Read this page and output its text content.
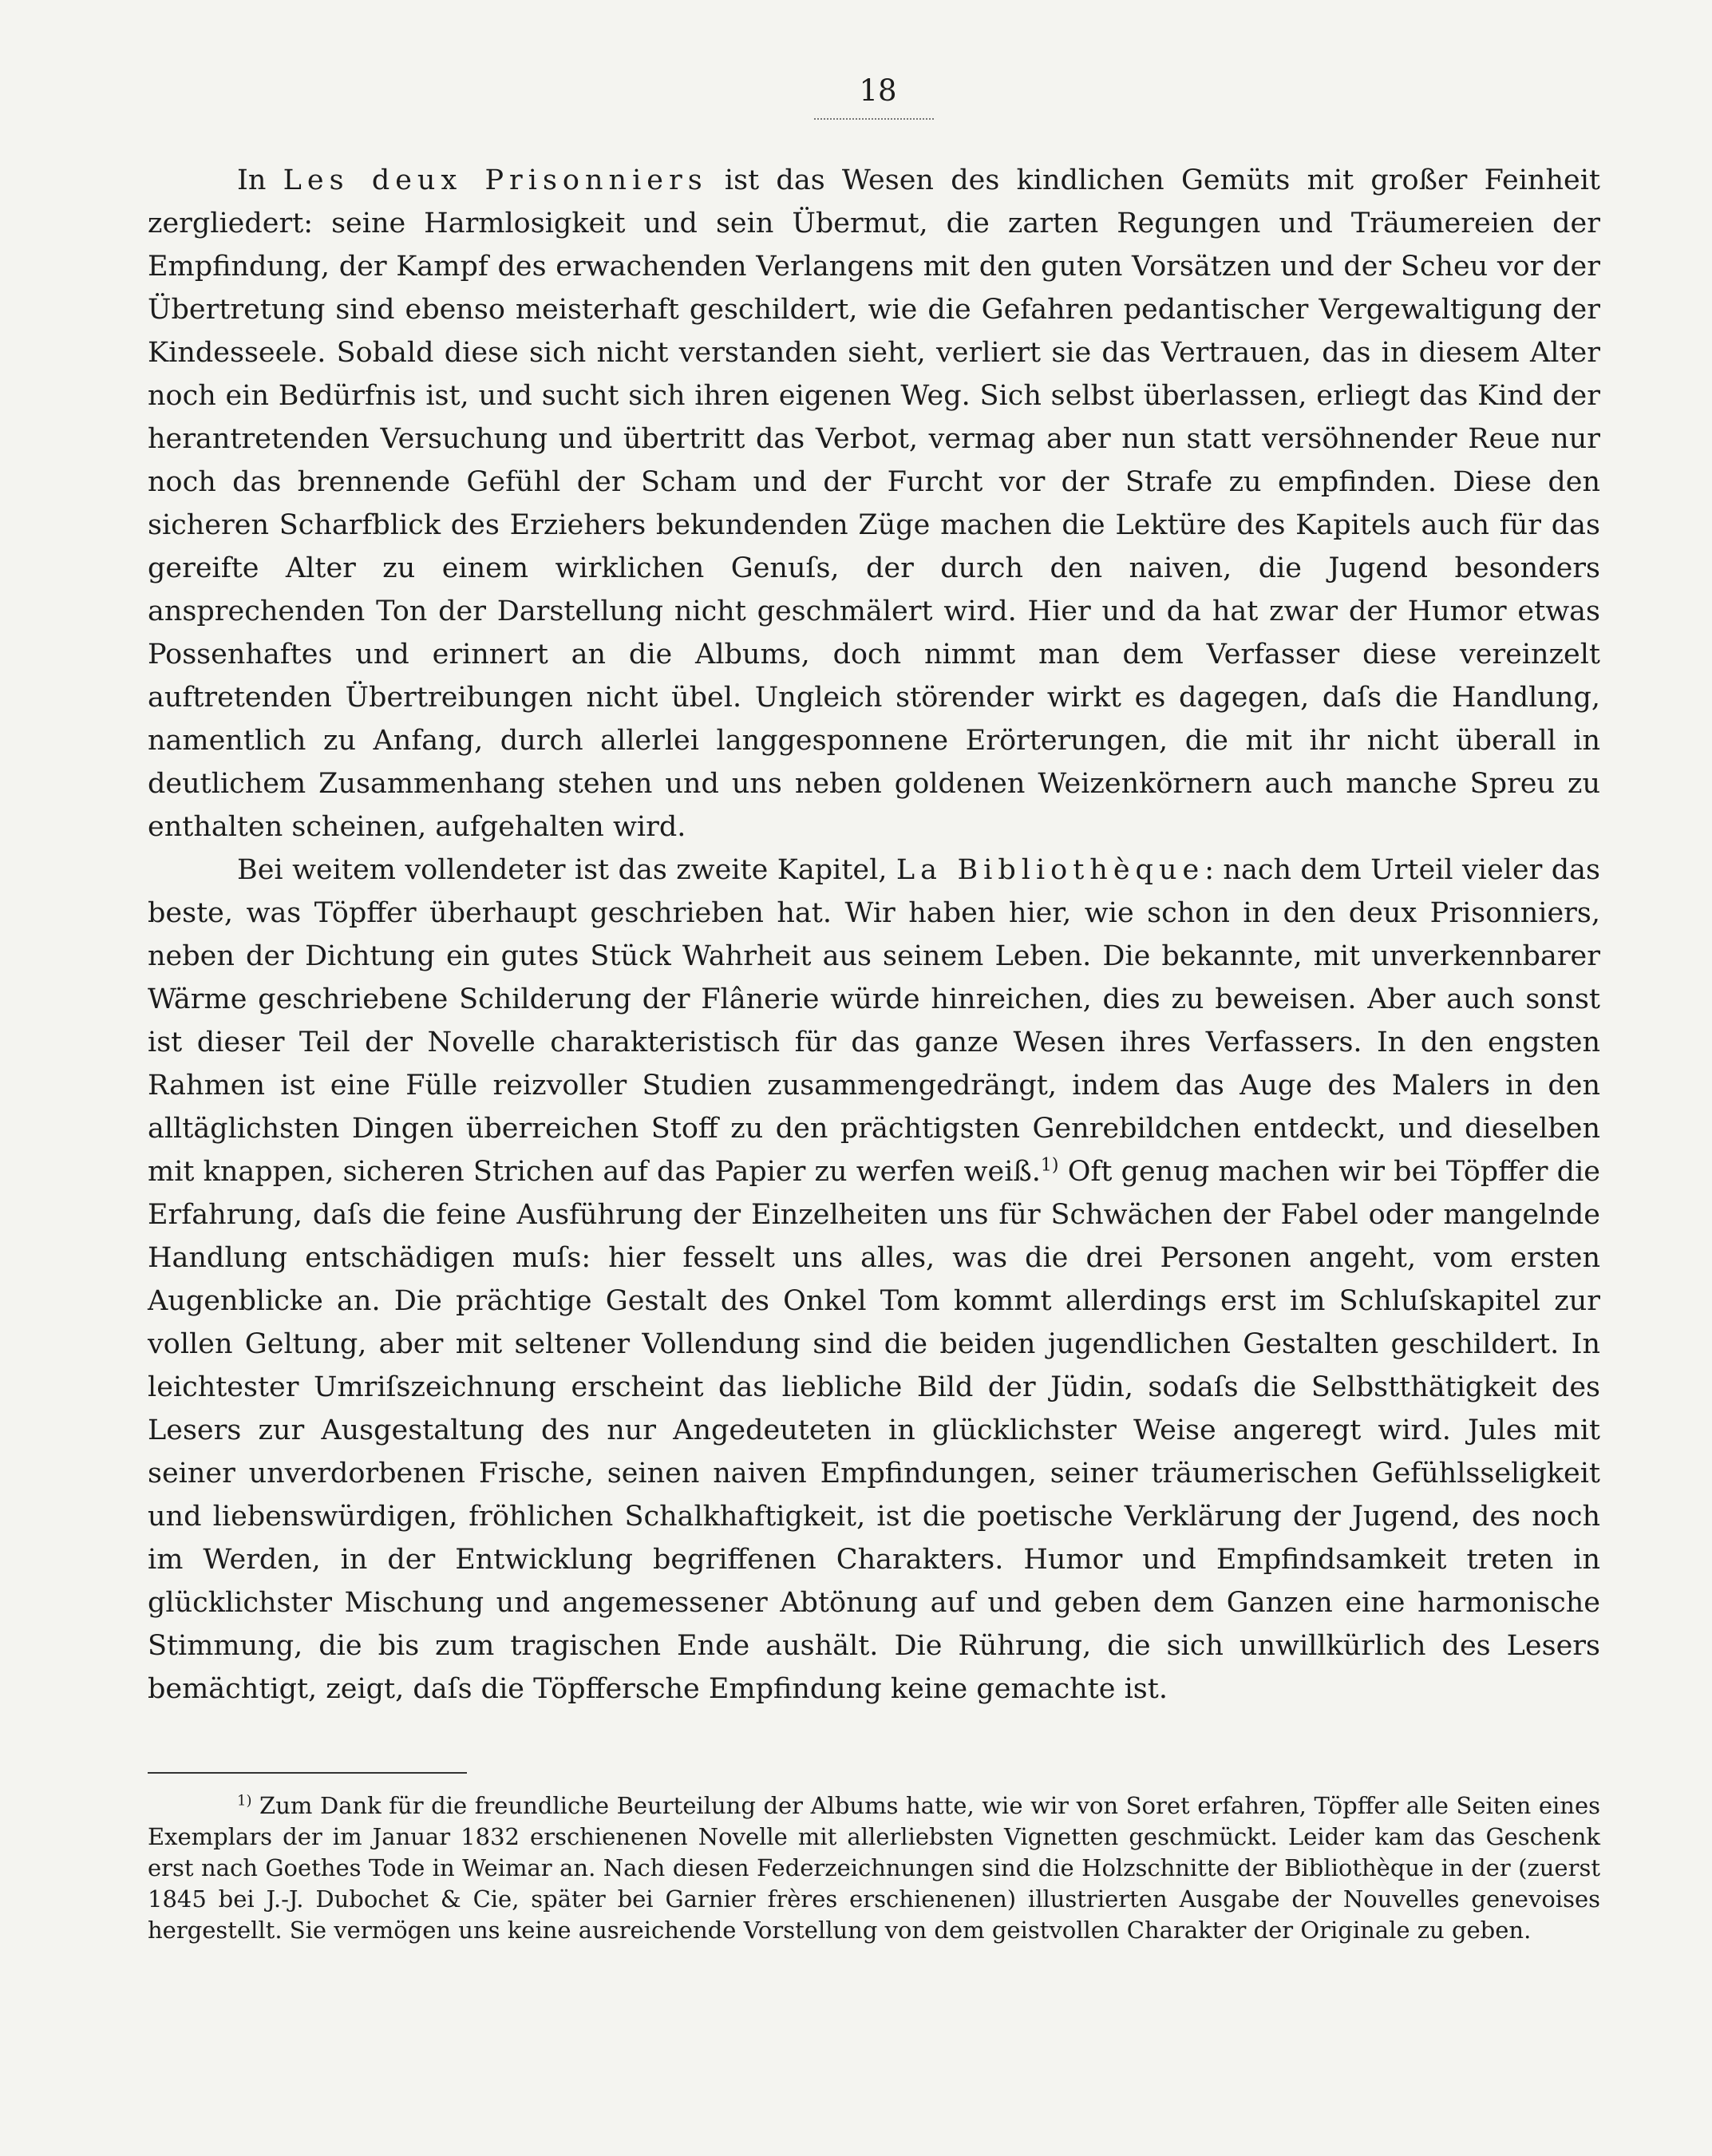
18

In Les deux Prisonniers ist das Wesen des kindlichen Gemüts mit großer Feinheit zergliedert: seine Harmlosigkeit und sein Übermut, die zarten Regungen und Träumereien der Empfindung, der Kampf des erwachenden Verlangens mit den guten Vorsätzen und der Scheu vor der Übertretung sind ebenso meisterhaft geschildert, wie die Gefahren pedantischer Vergewaltigung der Kindesseele. Sobald diese sich nicht verstanden sieht, verliert sie das Vertrauen, das in diesem Alter noch ein Bedürfnis ist, und sucht sich ihren eigenen Weg. Sich selbst überlassen, erliegt das Kind der herantretenden Versuchung und übertritt das Verbot, vermag aber nun statt versöhnender Reue nur noch das brennende Gefühl der Scham und der Furcht vor der Strafe zu empfinden. Diese den sicheren Scharfblick des Erziehers bekundenden Züge machen die Lektüre des Kapitels auch für das gereifte Alter zu einem wirklichen Genuſs, der durch den naiven, die Jugend besonders ansprechenden Ton der Darstellung nicht geschmälert wird. Hier und da hat zwar der Humor etwas Possenhaftes und erinnert an die Albums, doch nimmt man dem Verfasser diese vereinzelt auftretenden Übertreibungen nicht übel. Ungleich störender wirkt es dagegen, daſs die Handlung, namentlich zu Anfang, durch allerlei langgesponnene Erörterungen, die mit ihr nicht überall in deutlichem Zusammenhang stehen und uns neben goldenen Weizenkörnern auch manche Spreu zu enthalten scheinen, aufgehalten wird.

Bei weitem vollendeter ist das zweite Kapitel, La Bibliothèque: nach dem Urteil vieler das beste, was Töpffer überhaupt geschrieben hat. Wir haben hier, wie schon in den deux Prisonniers, neben der Dichtung ein gutes Stück Wahrheit aus seinem Leben. Die bekannte, mit unverkennbarer Wärme geschriebene Schilderung der Flânerie würde hinreichen, dies zu beweisen. Aber auch sonst ist dieser Teil der Novelle charakteristisch für das ganze Wesen ihres Verfassers. In den engsten Rahmen ist eine Fülle reizvoller Studien zusammengedrängt, indem das Auge des Malers in den alltäglichsten Dingen überreichen Stoff zu den prächtigsten Genrebildchen entdeckt, und dieselben mit knappen, sicheren Strichen auf das Papier zu werfen weiß.$^{1)}$ Oft genug machen wir bei Töpffer die Erfahrung, daſs die feine Ausführung der Einzelheiten uns für Schwächen der Fabel oder mangelnde Handlung entschädigen muſs: hier fesselt uns alles, was die drei Personen angeht, vom ersten Augenblicke an. Die prächtige Gestalt des Onkel Tom kommt allerdings erst im Schluſskapitel zur vollen Geltung, aber mit seltener Vollendung sind die beiden jugendlichen Gestalten geschildert. In leichtester Umriſszeichnung erscheint das liebliche Bild der Jüdin, sodaſs die Selbstthätigkeit des Lesers zur Ausgestaltung des nur Angedeuteten in glücklichster Weise angeregt wird. Jules mit seiner unverdorbenen Frische, seinen naiven Empfindungen, seiner träumerischen Gefühlsseligkeit und liebenswürdigen, fröhlichen Schalkhaftigkeit, ist die poetische Verklärung der Jugend, des noch im Werden, in der Entwicklung begriffenen Charakters. Humor und Empfindsamkeit treten in glücklichster Mischung und angemessener Abtönung auf und geben dem Ganzen eine harmonische Stimmung, die bis zum tragischen Ende aushält. Die Rührung, die sich unwillkürlich des Lesers bemächtigt, zeigt, daſs die Töpffersche Empfindung keine gemachte ist.

$^{1)}$ Zum Dank für die freundliche Beurteilung der Albums hatte, wie wir von Soret erfahren, Töpffer alle Seiten eines Exemplars der im Januar 1832 erschienenen Novelle mit allerliebsten Vignetten geschmückt. Leider kam das Geschenk erst nach Goethes Tode in Weimar an. Nach diesen Federzeichnungen sind die Holzschnitte der Bibliothèque in der (zuerst 1845 bei J.-J. Dubochet & Cie, später bei Garnier frères erschienenen) illustrierten Ausgabe der Nouvelles genevoises hergestellt. Sie vermögen uns keine ausreichende Vorstellung von dem geistvollen Charakter der Originale zu geben.
